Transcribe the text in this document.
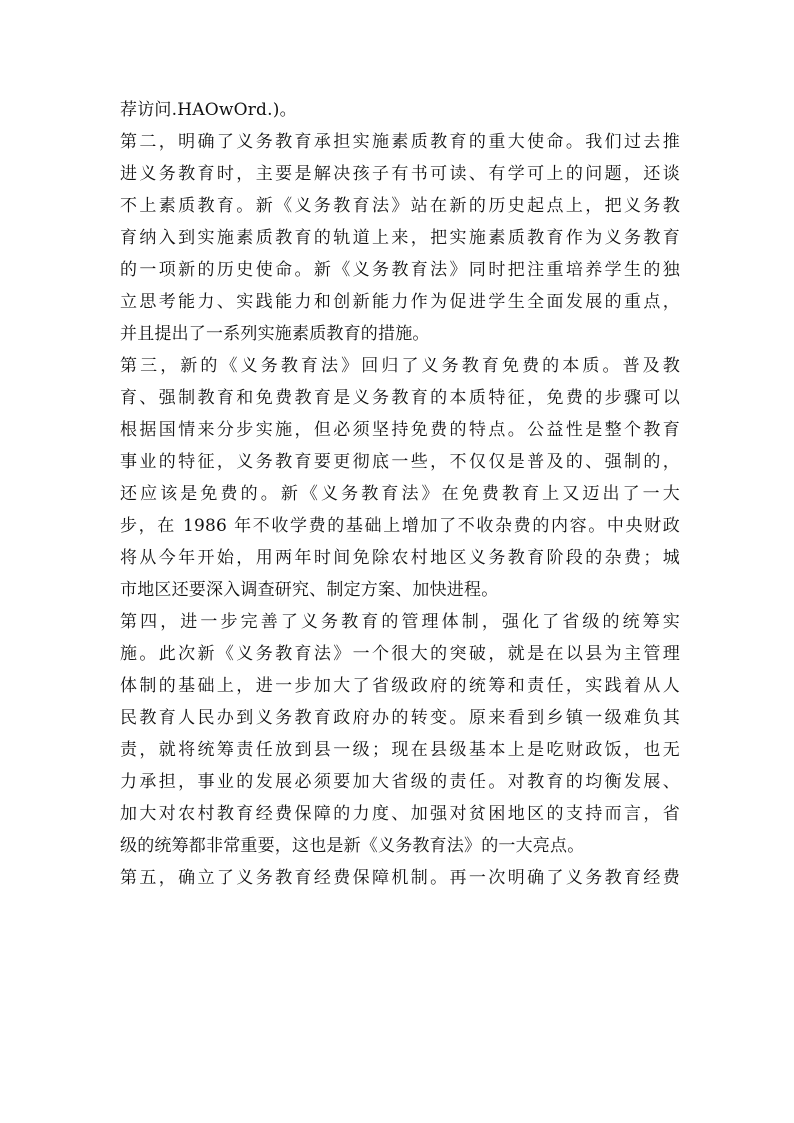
荐访问.HAOwOrd.)。
第二，明确了义务教育承担实施素质教育的重大使命。我们过去推
进义务教育时，主要是解决孩子有书可读、有学可上的问题，还谈
不上素质教育。新《义务教育法》站在新的历史起点上，把义务教
育纳入到实施素质教育的轨道上来，把实施素质教育作为义务教育
的一项新的历史使命。新《义务教育法》同时把注重培养学生的独
立思考能力、实践能力和创新能力作为促进学生全面发展的重点，
并且提出了一系列实施素质教育的措施。
第三，新的《义务教育法》回归了义务教育免费的本质。普及教
育、强制教育和免费教育是义务教育的本质特征，免费的步骤可以
根据国情来分步实施，但必须坚持免费的特点。公益性是整个教育
事业的特征，义务教育要更彻底一些，不仅仅是普及的、强制的，
还应该是免费的。新《义务教育法》在免费教育上又迈出了一大
步，在 1986 年不收学费的基础上增加了不收杂费的内容。中央财政
将从今年开始，用两年时间免除农村地区义务教育阶段的杂费；城
市地区还要深入调查研究、制定方案、加快进程。
第四，进一步完善了义务教育的管理体制，强化了省级的统筹实
施。此次新《义务教育法》一个很大的突破，就是在以县为主管理
体制的基础上，进一步加大了省级政府的统筹和责任，实践着从人
民教育人民办到义务教育政府办的转变。原来看到乡镇一级难负其
责，就将统筹责任放到县一级；现在县级基本上是吃财政饭，也无
力承担，事业的发展必须要加大省级的责任。对教育的均衡发展、
加大对农村教育经费保障的力度、加强对贫困地区的支持而言，省
级的统筹都非常重要，这也是新《义务教育法》的一大亮点。
第五，确立了义务教育经费保障机制。再一次明确了义务教育经费
